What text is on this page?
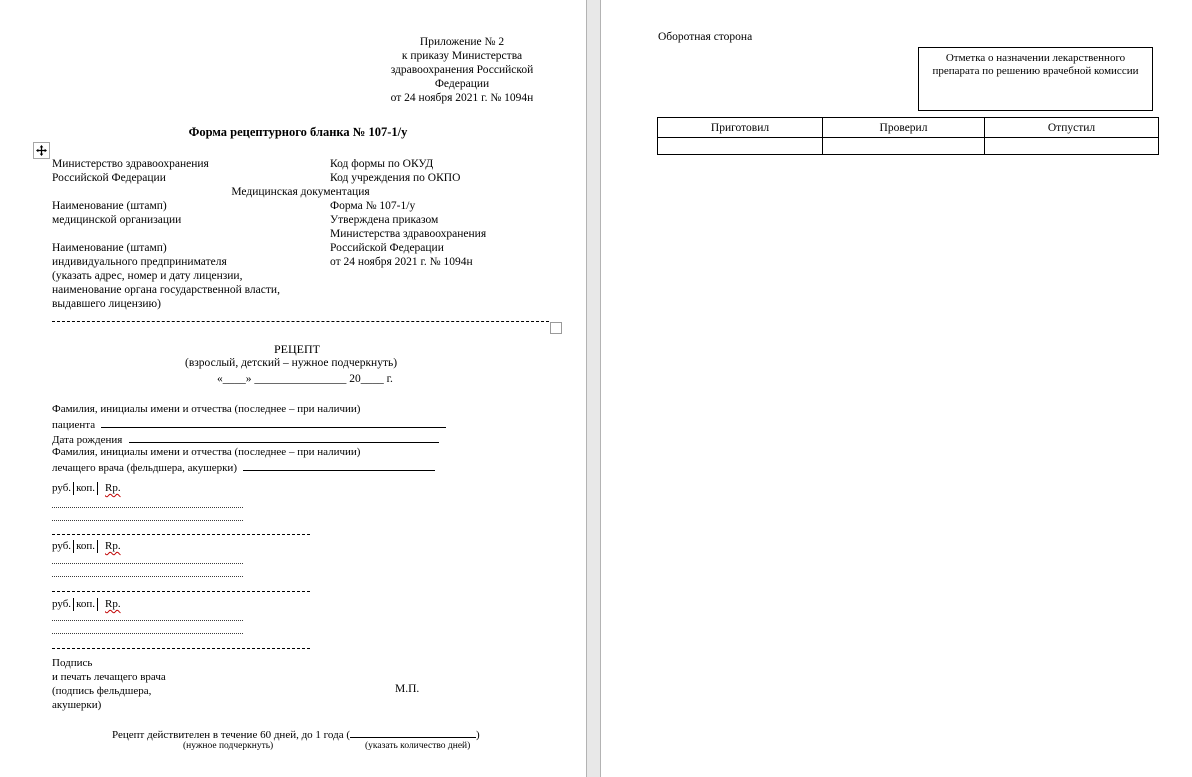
Приложение № 2
к приказу Министерства
здравоохранения Российской
Федерации
от 24 ноября 2021 г. № 1094н
Форма рецептурного бланка № 107-1/у
Министерство здравоохранения
Российской Федерации
Код формы по ОКУД
Код учреждения по ОКПО
Медицинская документация
Наименование (штамп)
медицинской организации
Форма № 107-1/у
Утверждена приказом
Министерства здравоохранения
Российской Федерации
от 24 ноября 2021 г. № 1094н
Наименование (штамп)
индивидуального предпринимателя
(указать адрес, номер и дату лицензии,
наименование органа государственной власти,
выдавшего лицензию)
РЕЦЕПТ
(взрослый, детский – нужное подчеркнуть)
«____» ________________ 20____ г.
Фамилия, инициалы имени и отчества (последнее – при наличии)
пациента
Дата рождения
Фамилия, инициалы имени и отчества (последнее – при наличии)
лечащего врача (фельдшера, акушерки)
руб. коп. Rp.
руб. коп. Rp.
руб. коп. Rp.
Подпись
и печать лечащего врача
(подпись фельдшера,
акушерки)
М.П.
Рецепт действителен в течение 60 дней, до 1 года (	)
(нужное подчеркнуть)	(указать количество дней)
Оборотная сторона
Отметка о назначении лекарственного препарата по решению врачебной комиссии
Приготовил	Проверил	Отпустил
